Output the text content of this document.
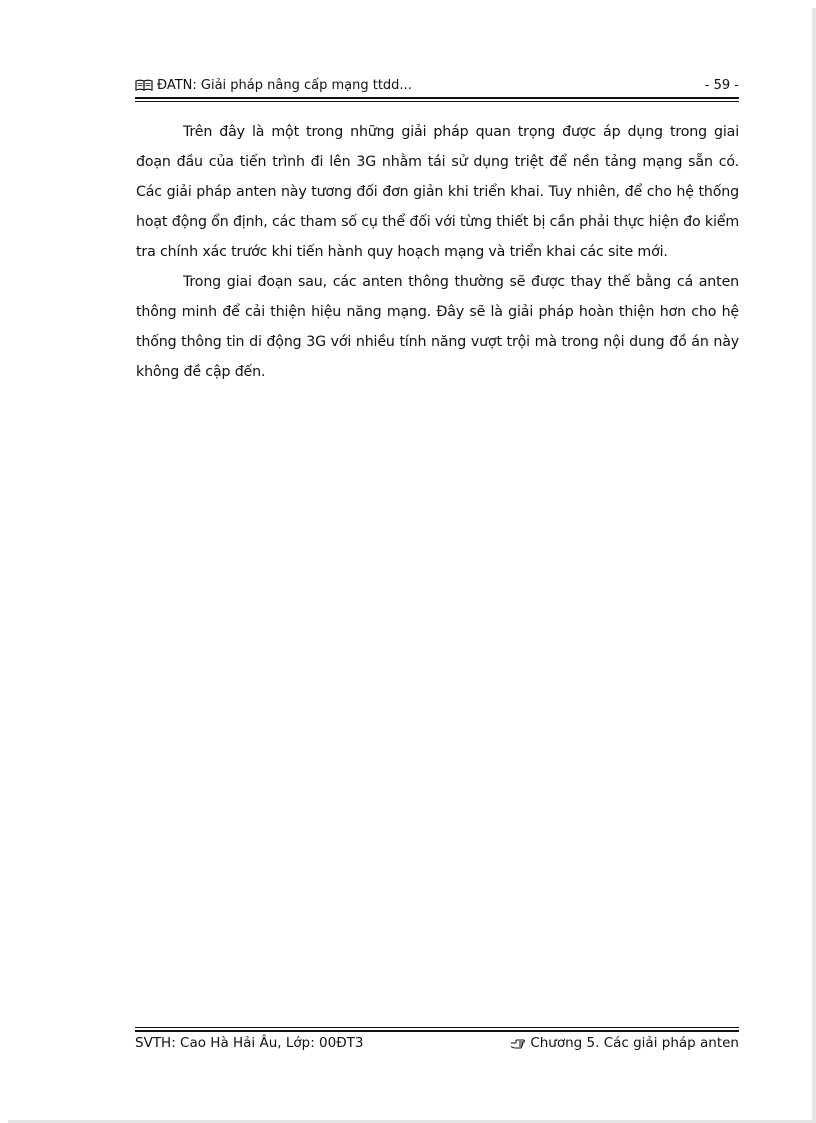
ĐATN: Giải pháp nâng cấp mạng ttdd...	- 59 -

Trên đây là một trong những giải pháp quan trọng được áp dụng trong giai đoạn đầu của tiến trình đi lên 3G nhằm tái sử dụng triệt để nền tảng mạng sẵn có. Các giải pháp anten này tương đối đơn giản khi triển khai. Tuy nhiên, để cho hệ thống hoạt động ổn định, các tham số cụ thể đối với từng thiết bị cần phải thực hiện đo kiểm tra chính xác trước khi tiến hành quy hoạch mạng và triển khai các site mới.

Trong giai đoạn sau, các anten thông thường sẽ được thay thế bằng cá anten thông minh để cải thiện hiệu năng mạng. Đây sẽ là giải pháp hoàn thiện hơn cho hệ thống thông tin di động 3G với nhiều tính năng vượt trội mà trong nội dung đồ án này không đề cập đến.

SVTH: Cao Hà Hải Âu, Lớp: 00ĐT3	Chương 5. Các giải pháp anten
